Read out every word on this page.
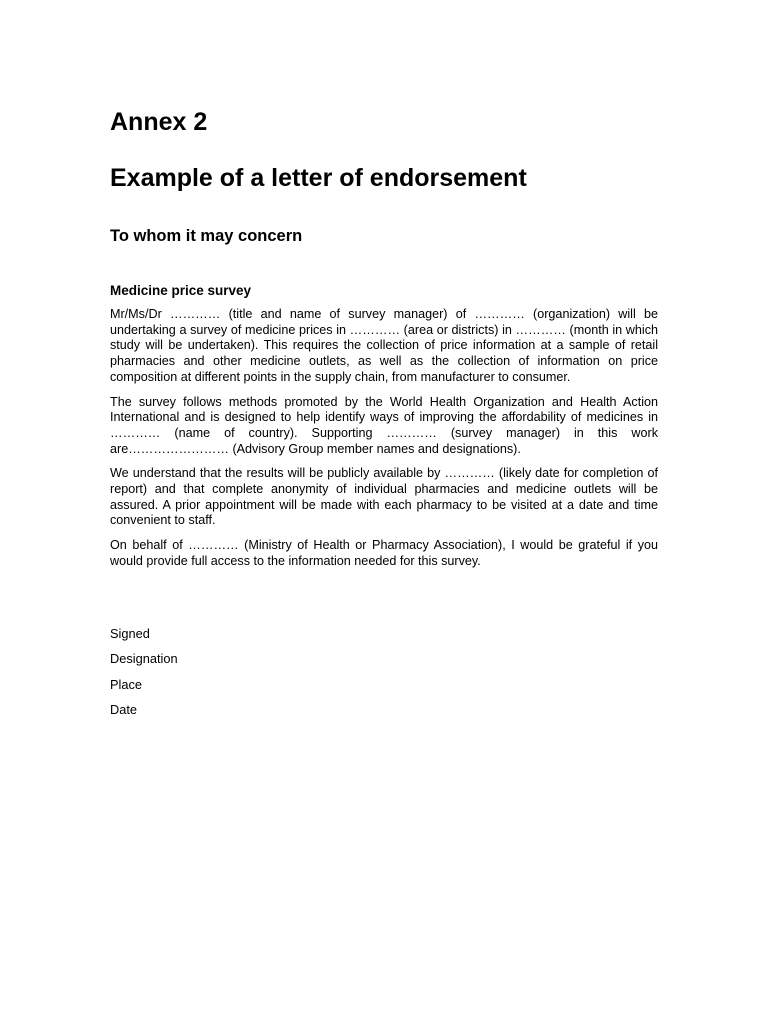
Annex 2
Example of a letter of endorsement
To whom it may concern
Medicine price survey

Mr/Ms/Dr ………… (title and name of survey manager) of ………… (organization) will be undertaking a survey of medicine prices in ………… (area or districts) in ………… (month in which study will be undertaken). This requires the collection of price information at a sample of retail pharmacies and other medicine outlets, as well as the collection of information on price composition at different points in the supply chain, from manufacturer to consumer.

The survey follows methods promoted by the World Health Organization and Health Action International and is designed to help identify ways of improving the affordability of medicines in ………… (name of country). Supporting ………… (survey manager) in this work are…………………… (Advisory Group member names and designations).

We understand that the results will be publicly available by ………… (likely date for completion of report) and that complete anonymity of individual pharmacies and medicine outlets will be assured. A prior appointment will be made with each pharmacy to be visited at a date and time convenient to staff.

On behalf of ………… (Ministry of Health or Pharmacy Association), I would be grateful if you would provide full access to the information needed for this survey.

Signed
Designation
Place
Date
